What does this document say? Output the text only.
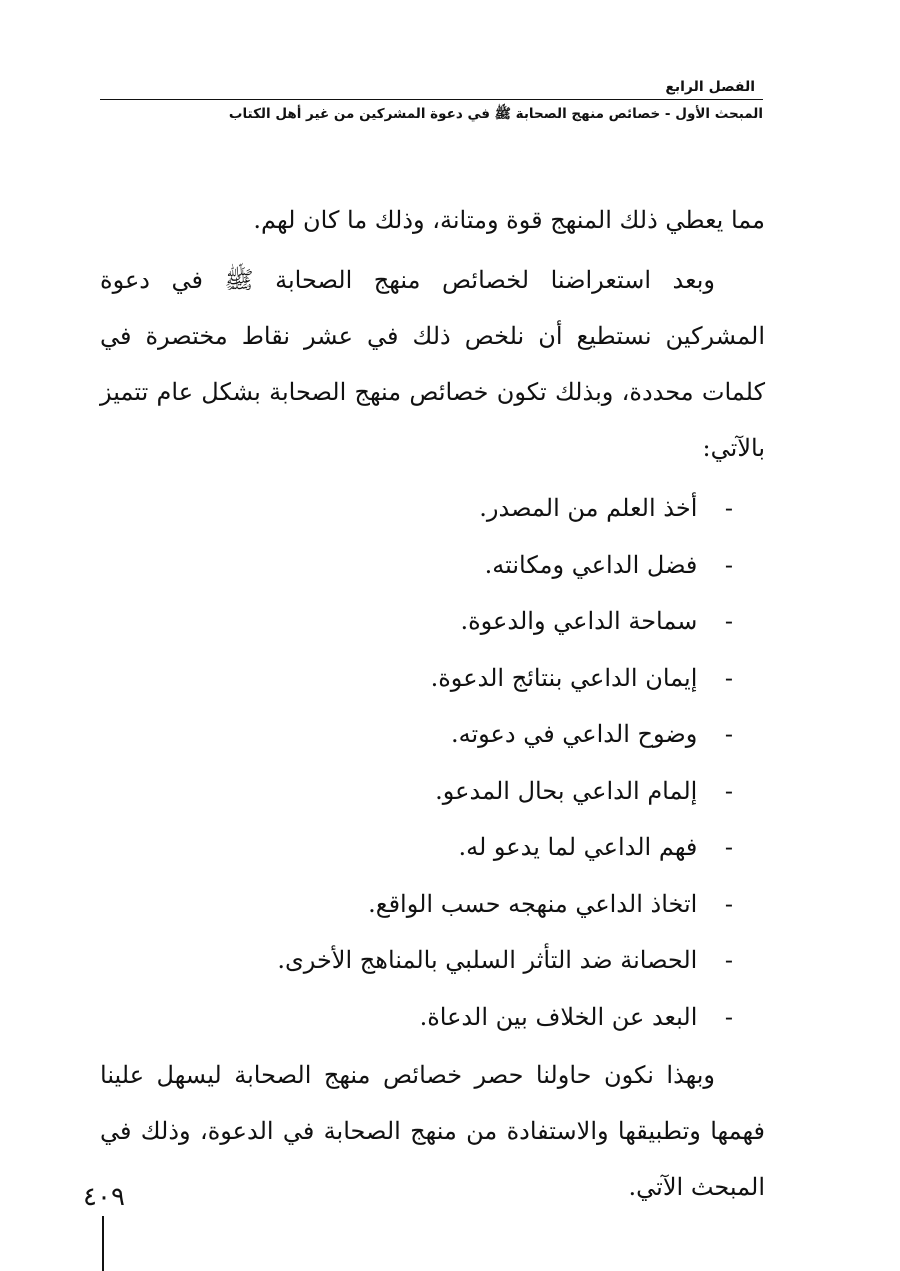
الفصل الرابع
المبحث الأول - خصائص منهج الصحابة ﷺ في دعوة المشركين من غير أهل الكتاب

مما يعطي ذلك المنهج قوة ومتانة، وذلك ما كان لهم.

وبعد استعراضنا لخصائص منهج الصحابة ﷺ في دعوة المشركين نستطيع أن نلخص ذلك في عشر نقاط مختصرة في كلمات محددة، وبذلك تكون خصائص منهج الصحابة بشكل عام تتميز بالآتي:

- أخذ العلم من المصدر.
- فضل الداعي ومكانته.
- سماحة الداعي والدعوة.
- إيمان الداعي بنتائج الدعوة.
- وضوح الداعي في دعوته.
- إلمام الداعي بحال المدعو.
- فهم الداعي لما يدعو له.
- اتخاذ الداعي منهجه حسب الواقع.
- الحصانة ضد التأثر السلبي بالمناهج الأخرى.
- البعد عن الخلاف بين الدعاة.

وبهذا نكون حاولنا حصر خصائص منهج الصحابة ليسهل علينا فهمها وتطبيقها والاستفادة من منهج الصحابة في الدعوة، وذلك في المبحث الآتي.

٤٠٩
